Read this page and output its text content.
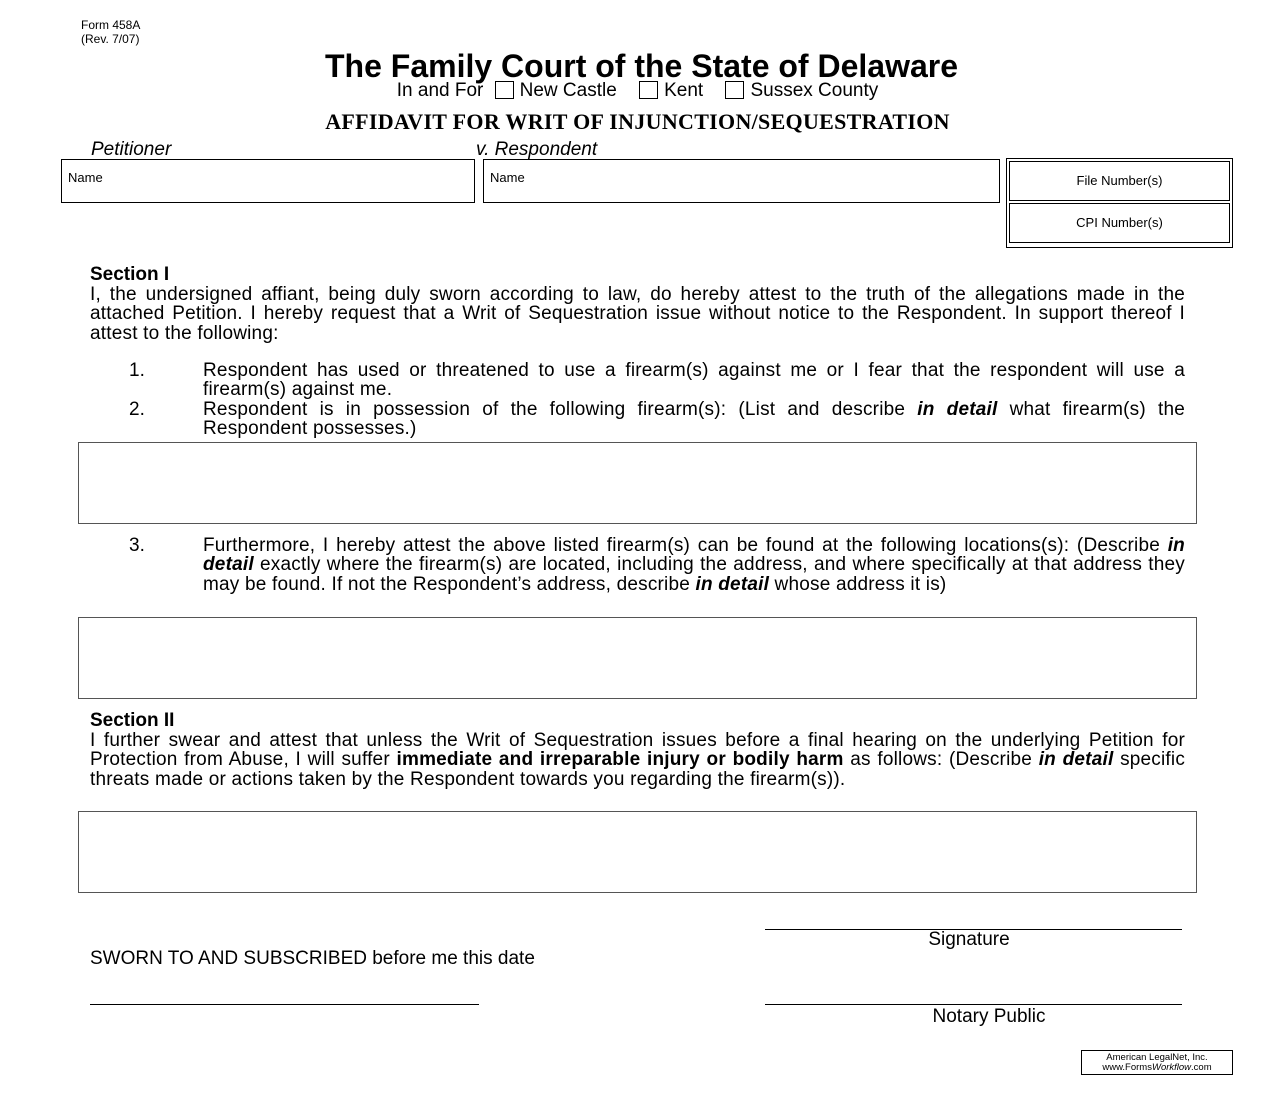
Form 458A
(Rev. 7/07)
The Family Court of the State of Delaware
In and For New Castle Kent Sussex County
AFFIDAVIT FOR WRIT OF INJUNCTION/SEQUESTRATION
Petitioner	v. Respondent
Name	Name	File Number(s)
CPI Number(s)
Section I
I, the undersigned affiant, being duly sworn according to law, do hereby attest to the truth of the allegations made in the attached Petition. I hereby request that a Writ of Sequestration issue without notice to the Respondent. In support thereof I attest to the following:
1.	Respondent has used or threatened to use a firearm(s) against me or I fear that the respondent will use a firearm(s) against me.
2.	Respondent is in possession of the following firearm(s): (List and describe in detail what firearm(s) the Respondent possesses.)
3.	Furthermore, I hereby attest the above listed firearm(s) can be found at the following locations(s): (Describe in detail exactly where the firearm(s) are located, including the address, and where specifically at that address they may be found. If not the Respondent’s address, describe in detail whose address it is)
Section II
I further swear and attest that unless the Writ of Sequestration issues before a final hearing on the underlying Petition for Protection from Abuse, I will suffer immediate and irreparable injury or bodily harm as follows: (Describe in detail specific threats made or actions taken by the Respondent towards you regarding the firearm(s)).
Signature
SWORN TO AND SUBSCRIBED before me this date
Notary Public
American LegalNet, Inc.
www.FormsWorkflow.com
